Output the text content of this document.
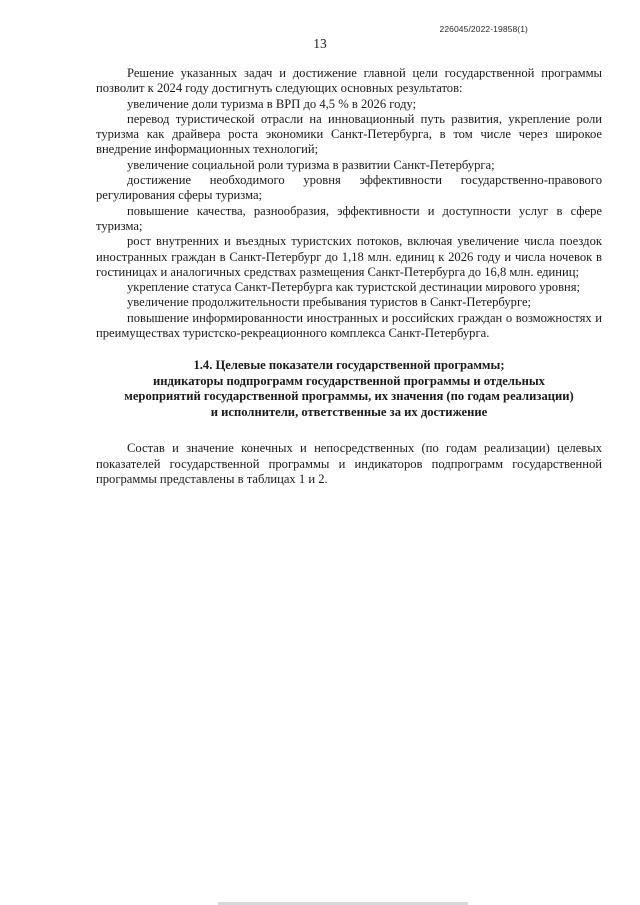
226045/2022-19858(1)
13

Решение указанных задач и достижение главной цели государственной программы позволит к 2024 году достигнуть следующих основных результатов:

увеличение доли туризма в ВРП до 4,5 % в 2026 году;

перевод туристической отрасли на инновационный путь развития, укрепление роли туризма как драйвера роста экономики Санкт-Петербурга, в том числе через широкое внедрение информационных технологий;

увеличение социальной роли туризма в развитии Санкт-Петербурга;

достижение необходимого уровня эффективности государственно-правового регулирования сферы туризма;

повышение качества, разнообразия, эффективности и доступности услуг в сфере туризма;

рост внутренних и въездных туристских потоков, включая увеличение числа поездок иностранных граждан в Санкт-Петербург до 1,18 млн. единиц к 2026 году и числа ночевок в гостиницах и аналогичных средствах размещения Санкт-Петербурга до 16,8 млн. единиц;

укрепление статуса Санкт-Петербурга как туристской дестинации мирового уровня;

увеличение продолжительности пребывания туристов в Санкт-Петербурге;

повышение информированности иностранных и российских граждан о возможностях и преимуществах туристско-рекреационного комплекса Санкт-Петербурга.

1.4. Целевые показатели государственной программы;
индикаторы подпрограмм государственной программы и отдельных
мероприятий государственной программы, их значения (по годам реализации)
и исполнители, ответственные за их достижение

Состав и значение конечных и непосредственных (по годам реализации) целевых показателей государственной программы и индикаторов подпрограмм государственной программы представлены в таблицах 1 и 2.
